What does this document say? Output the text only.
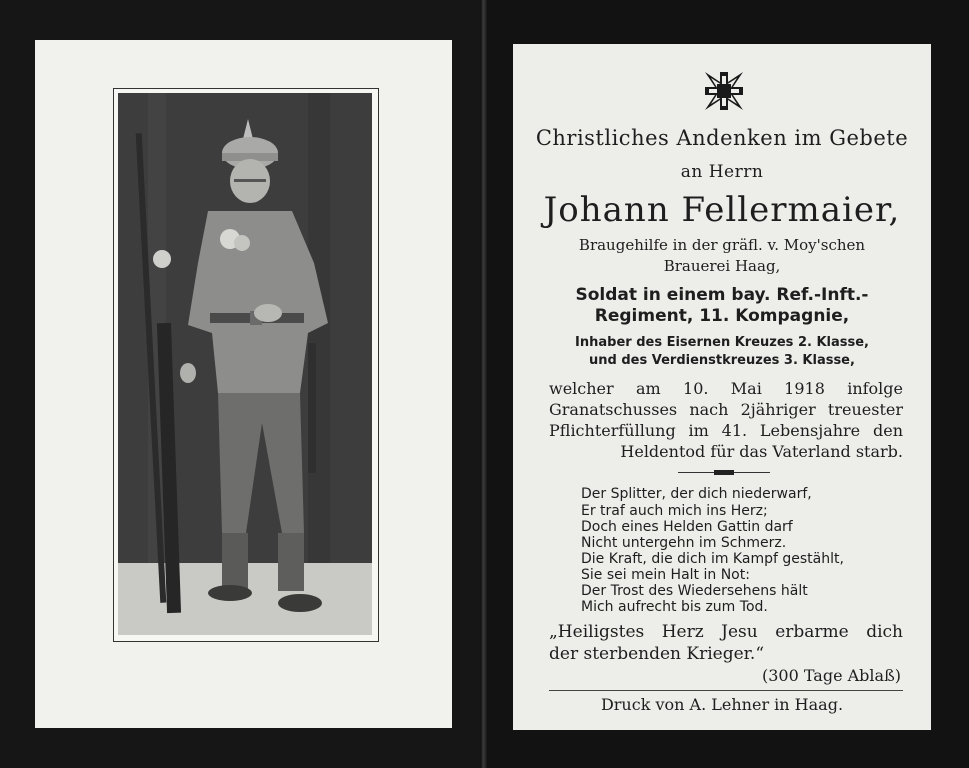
Christliches Andenken im Gebete
an Herrn
Johann Fellermaier,
Braugehilfe in der gräfl. v. Moy'schen
Brauerei Haag,
Soldat in einem bay. Ref.-Inft.-
Regiment, 11. Kompagnie,
Inhaber des Eisernen Kreuzes 2. Klasse,
und des Verdienstkreuzes 3. Klasse,
welcher am 10. Mai 1918 infolge
Granatschusses nach 2jähriger treuester
Pflichterfüllung im 41. Lebensjahre den
Heldentod für das Vaterland starb.
Der Splitter, der dich niederwarf,
Er traf auch mich ins Herz;
Doch eines Helden Gattin darf
Nicht untergehn im Schmerz.
Die Kraft, die dich im Kampf gestählt,
Sie sei mein Halt in Not:
Der Trost des Wiedersehens hält
Mich aufrecht bis zum Tod.
„Heiligstes Herz Jesu erbarme dich
der sterbenden Krieger.“
(300 Tage Ablaß)
Druck von A. Lehner in Haag.
